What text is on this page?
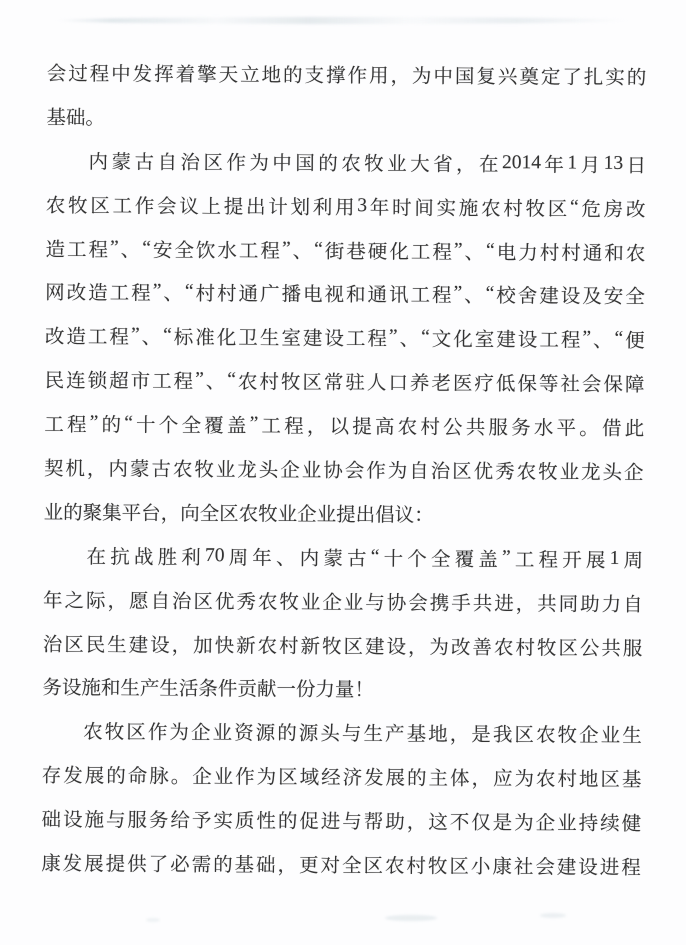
会 过 程 中 发 挥 着 擎 天 立 地 的 支 撑 作 用 ， 为 中 国 复 兴 奠 定 了 扎 实 的
基础。
内 蒙 古 自 治 区 作 为 中 国 的 农 牧 业 大 省 ， 在 2014 年 1 月 13 日
农 牧 区 工 作 会 议 上 提 出 计 划 利 用 3 年 时 间 实 施 农 村 牧 区 “ 危 房 改
造 工 程 ” 、 “ 安 全 饮 水 工 程 ” 、 “ 街 巷 硬 化 工 程 ” 、 “ 电 力 村 村 通 和 农
网 改 造 工 程 ” 、 “ 村 村 通 广 播 电 视 和 通 讯 工 程 ” 、 “ 校 舍 建 设 及 安 全
改 造 工 程 ” 、 “ 标 准 化 卫 生 室 建 设 工 程 ” 、 “ 文 化 室 建 设 工 程 ” 、 “ 便
民 连 锁 超 市 工 程 ” 、 “ 农 村 牧 区 常 驻 人 口 养 老 医 疗 低 保 等 社 会 保 障
工 程 ” 的 “ 十 个 全 覆 盖 ” 工 程 ， 以 提 高 农 村 公 共 服 务 水 平 。 借 此
契 机 ， 内 蒙 古 农 牧 业 龙 头 企 业 协 会 作 为 自 治 区 优 秀 农 牧 业 龙 头 企
业的聚集平台，向全区农牧业企业提出倡议：
在 抗 战 胜 利 70 周 年 、 内 蒙 古 “ 十 个 全 覆 盖 ” 工 程 开 展 1 周
年 之 际 ， 愿 自 治 区 优 秀 农 牧 业 企 业 与 协 会 携 手 共 进 ， 共 同 助 力 自
治 区 民 生 建 设 ， 加 快 新 农 村 新 牧 区 建 设 ， 为 改 善 农 村 牧 区 公 共 服
务设施和生产生活条件贡献一份力量！
农 牧 区 作 为 企 业 资 源 的 源 头 与 生 产 基 地 ， 是 我 区 农 牧 企 业 生
存 发 展 的 命 脉 。 企 业 作 为 区 域 经 济 发 展 的 主 体 ， 应 为 农 村 地 区 基
础 设 施 与 服 务 给 予 实 质 性 的 促 进 与 帮 助 ， 这 不 仅 是 为 企 业 持 续 健
康 发 展 提 供 了 必 需 的 基 础 ， 更 对 全 区 农 村 牧 区 小 康 社 会 建 设 进 程
